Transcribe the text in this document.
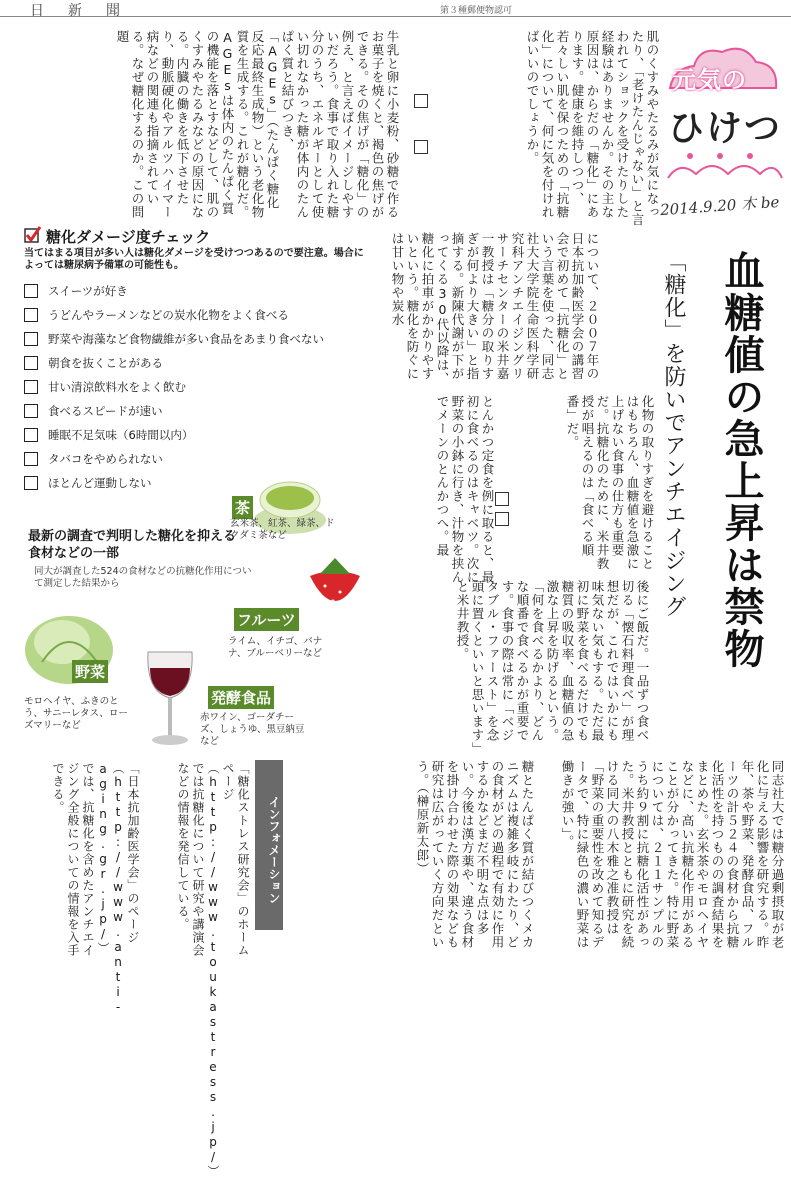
日新聞	第３種郵便物認可
元気の
ひけつ
2014.9.20 木 be
血糖値の急上昇は禁物
「糖化」を防いでアンチエイジング
肌のくすみやたるみが気になったり、「老けたんじゃない」と言われてショックを受けたりした経験はありませんか。その主な原因は、からだの「糖化」にあります。健康を維持しつつ、若々しい肌を保つための「抗糖化」について、何に気を付ければいいのでしょうか。
について、２００７年の日本抗加齢医学会の講習会で初めて「抗糖化」という言葉を使った、同志社大大学院生命医科学研究科アンチエイジングリサーチセンターの米井嘉一教授は「糖分の取りすぎが何より大きい」と指摘する。新陳代謝が下がってくる30代以降は、糖化に拍車がかかりやすいという。糖化を防ぐには甘い物や炭水
化物の取りすぎを避けることはもちろん、血糖値を急激に上げない食事の仕方も重要だ。抗糖化のために、米井教授が唱えるのは「食べる順番」だ。
とんかつ定食を例に取ると、最初に食べるのはキャベツ。次に野菜の小鉢に行き、汁物を挟んでメーンのとんかつへ。最
後にご飯だ。一品ずつ食べ切る「懐石料理食べ」が理想だが、これではいかにも味気ない気もする。ただ最初に野菜を食べるだけでも糖質の吸収率、血糖値の急激な上昇を防げるという。「何を食べるかより、どんな順番で食べるかが重要です。食事の際は常に「ベジタブル・ファースト」を念頭に置くといいと思います」と米井教授。
同志社大では糖分過剰摂取が老化に与える影響を研究する。昨年、茶や野菜、発酵食品、フルーツの計５２４の食材から抗糖化活性を持つものの調査結果をまとめた。玄米茶やモロヘイヤなどに、高い抗糖化作用があることが分かってきた。特に野菜については、２１１サンプルのうち約９割に抗糖化活性があった。米井教授とともに研究を続ける同大の八木雅之准教授は「野菜の重要性を改めて知るデータで、特に緑色の濃い野菜は働きが強い」。
糖とたんぱく質が結びつくメカニズムは複雑多岐にわたり、どの食材がどの過程で有効に作用するかなどまだ不明な点は多い。今後は漢方薬や、違う食材を掛け合わせた際の効果なども研究は広がっていく方向だという。（榊原新太郎）
牛乳と卵に小麦粉、砂糖で作るお菓子を焼くと、褐色の焦げができる。その焦げが「糖化」の例え、と言えばイメージしやすいだろう。食事で取り入れた糖分のうち、エネルギーとして使い切れなかった糖が体内のたんぱく質と結びつき、「AGEs」（たんぱく糖化反応最終生成物）という老化物質を生成する。これが糖化だ。AGEsは体内のたんぱく質の機能を落とすなどして、肌のくすみやたるみなどの原因になる。内臓の働きを低下させたり、動脈硬化やアルツハイマー病などの関連も指摘されている。なぜ糖化するのか。この問題
糖化ダメージ度チェック
当てはまる項目が多い人は糖化ダメージを受けつつあるので要注意。場合によっては糖尿病予備軍の可能性も。
スイーツが好き
うどんやラーメンなどの炭水化物をよく食べる
野菜や海藻など食物繊維が多い食品をあまり食べない
朝食を抜くことがある
甘い清涼飲料水をよく飲む
食べるスピードが速い
睡眠不足気味（6時間以内）
タバコをやめられない
ほとんど運動しない
最新の調査で判明した糖化を抑える食材などの一部
同大が調査した524の食材などの抗糖化作用について測定した結果から
茶
玄米茶、紅茶、緑茶、ドクダミ茶など
フルーツ
ライム、イチゴ、バナナ、ブルーベリーなど
野菜
モロヘイヤ、ふきのとう、サニーレタス、ローズマリーなど
発酵食品
赤ワイン、ゴーダチーズ、しょうゆ、黒豆納豆など
インフォメーション
「糖化ストレス研究会」のホームページ（http://www.toukastress.jp/）では抗糖化について研究や講演会などの情報を発信している。
「日本抗加齢医学会」のページ（http://www.anti-aging.gr.jp/）では、抗糖化を含めたアンチエイジング全般についての情報を入手できる。
